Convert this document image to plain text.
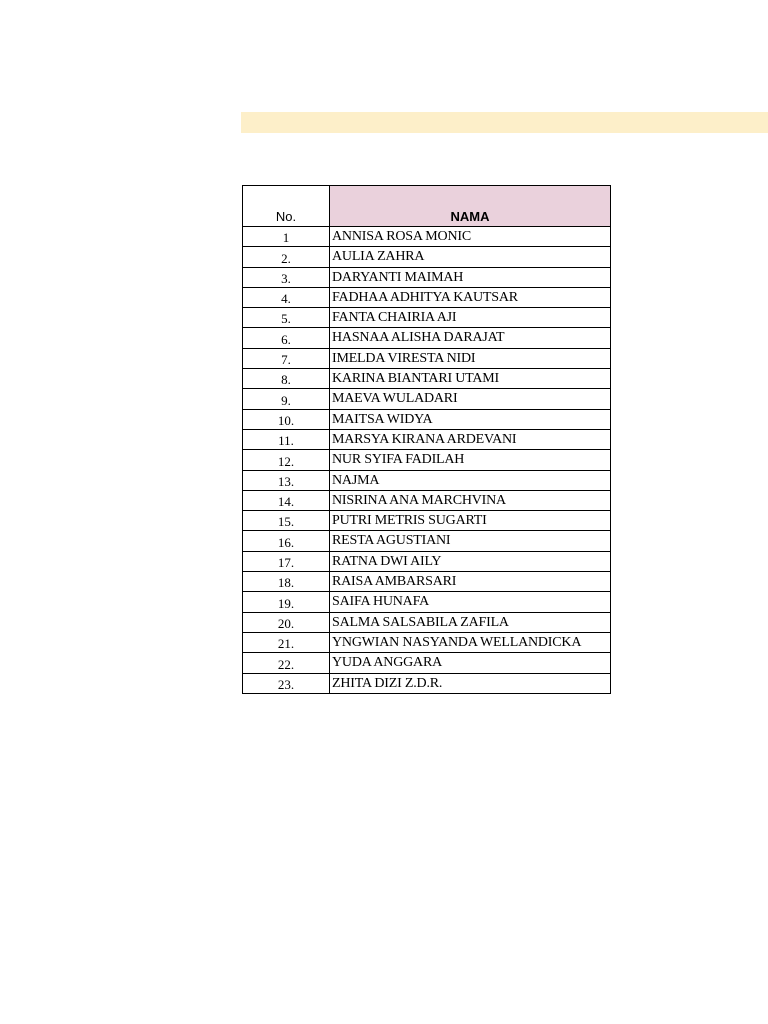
No.	NAMA
1	ANNISA ROSA MONIC
2.	AULIA ZAHRA
3.	DARYANTI MAIMAH
4.	FADHAA ADHITYA KAUTSAR
5.	FANTA CHAIRIA AJI
6.	HASNAA ALISHA DARAJAT
7.	IMELDA VIRESTA NIDI
8.	KARINA BIANTARI UTAMI
9.	MAEVA WULADARI
10.	MAITSA WIDYA
11.	MARSYA KIRANA ARDEVANI
12.	NUR SYIFA FADILAH
13.	NAJMA
14.	NISRINA ANA MARCHVINA
15.	PUTRI METRIS SUGARTI
16.	RESTA AGUSTIANI
17.	RATNA DWI AILY
18.	RAISA AMBARSARI
19.	SAIFA HUNAFA
20.	SALMA SALSABILA ZAFILA
21.	YNGWIAN NASYANDA WELLANDICKA
22.	YUDA ANGGARA
23.	ZHITA DIZI Z.D.R.
